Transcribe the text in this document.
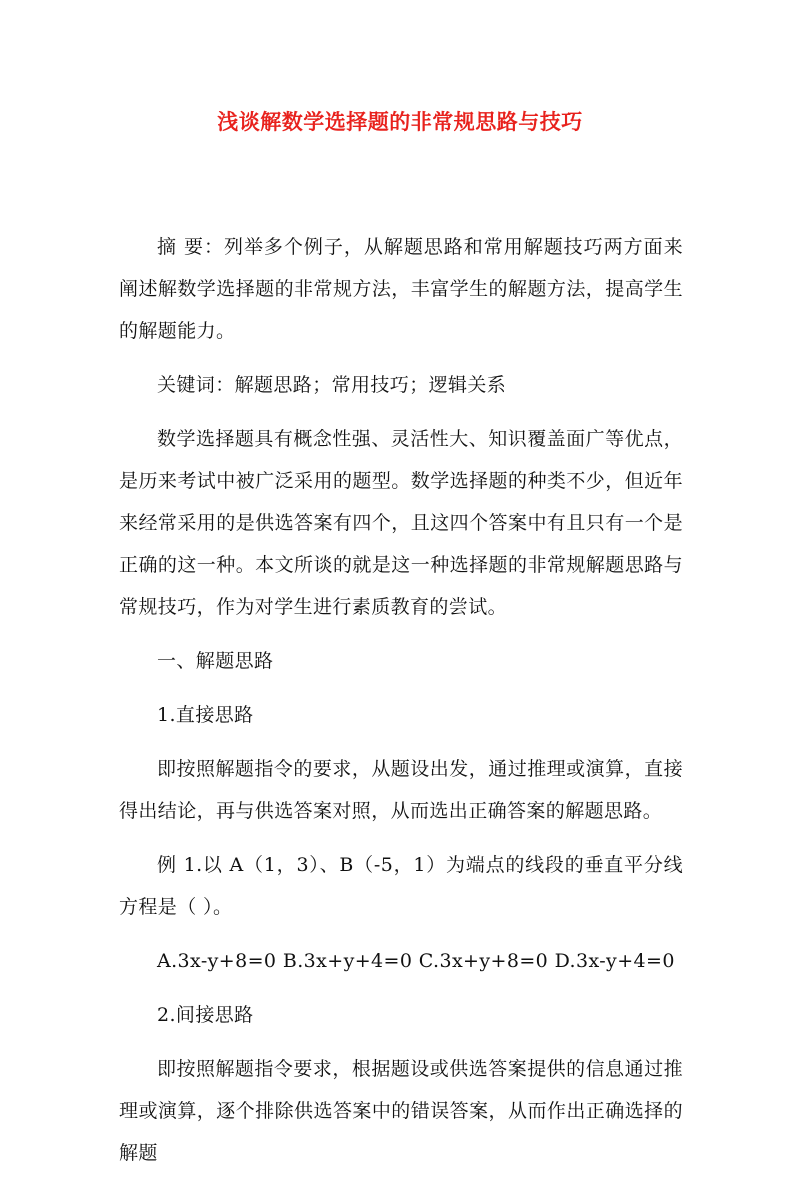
浅谈解数学选择题的非常规思路与技巧

摘 要：列举多个例子，从解题思路和常用解题技巧两方面来阐述解数学选择题的非常规方法，丰富学生的解题方法，提高学生的解题能力。

关键词：解题思路；常用技巧；逻辑关系

数学选择题具有概念性强、灵活性大、知识覆盖面广等优点，是历来考试中被广泛采用的题型。数学选择题的种类不少，但近年来经常采用的是供选答案有四个，且这四个答案中有且只有一个是正确的这一种。本文所谈的就是这一种选择题的非常规解题思路与常规技巧，作为对学生进行素质教育的尝试。

一、解题思路

1.直接思路

即按照解题指令的要求，从题设出发，通过推理或演算，直接得出结论，再与供选答案对照，从而选出正确答案的解题思路。

例 1.以 A（1，3）、B（-5，1）为端点的线段的垂直平分线方程是（ ）。

A.3x-y+8=0 B.3x+y+4=0 C.3x+y+8=0 D.3x-y+4=0

2.间接思路

即按照解题指令要求，根据题设或供选答案提供的信息通过推理或演算，逐个排除供选答案中的错误答案，从而作出正确选择的解题
